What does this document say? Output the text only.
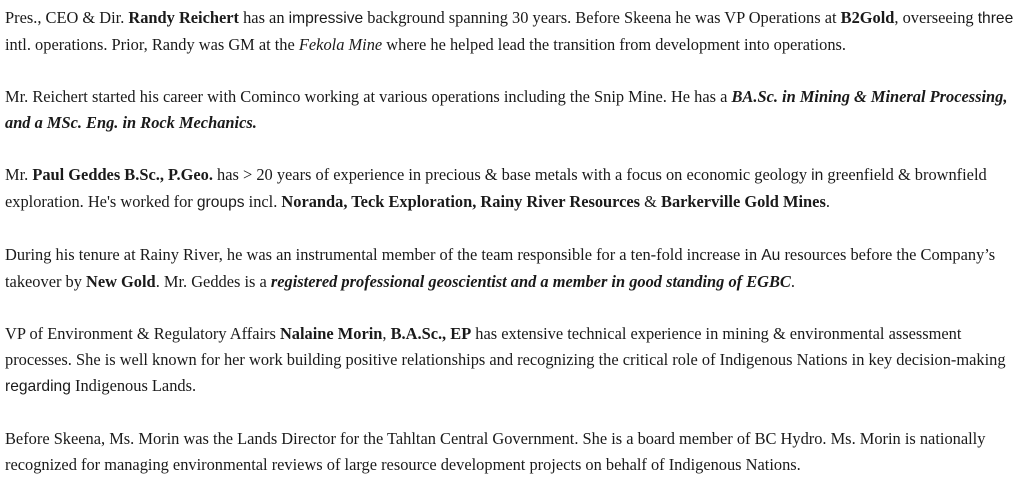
Pres., CEO & Dir. Randy Reichert has an impressive background spanning 30 years. Before Skeena he was VP Operations at B2Gold, overseeing three intl. operations. Prior, Randy was GM at the Fekola Mine where he helped lead the transition from development into operations.

Mr. Reichert started his career with Cominco working at various operations including the Snip Mine. He has a BA.Sc. in Mining & Mineral Processing, and a MSc. Eng. in Rock Mechanics.

Mr. Paul Geddes B.Sc., P.Geo. has > 20 years of experience in precious & base metals with a focus on economic geology in greenfield & brownfield exploration. He's worked for groups incl. Noranda, Teck Exploration, Rainy River Resources & Barkerville Gold Mines.

During his tenure at Rainy River, he was an instrumental member of the team responsible for a ten-fold increase in Au resources before the Company’s takeover by New Gold. Mr. Geddes is a registered professional geoscientist and a member in good standing of EGBC.

VP of Environment & Regulatory Affairs Nalaine Morin, B.A.Sc., EP has extensive technical experience in mining & environmental assessment processes. She is well known for her work building positive relationships and recognizing the critical role of Indigenous Nations in key decision-making regarding Indigenous Lands.

Before Skeena, Ms. Morin was the Lands Director for the Tahltan Central Government. She is a board member of BC Hydro. Ms. Morin is nationally recognized for managing environmental reviews of large resource development projects on behalf of Indigenous Nations.
